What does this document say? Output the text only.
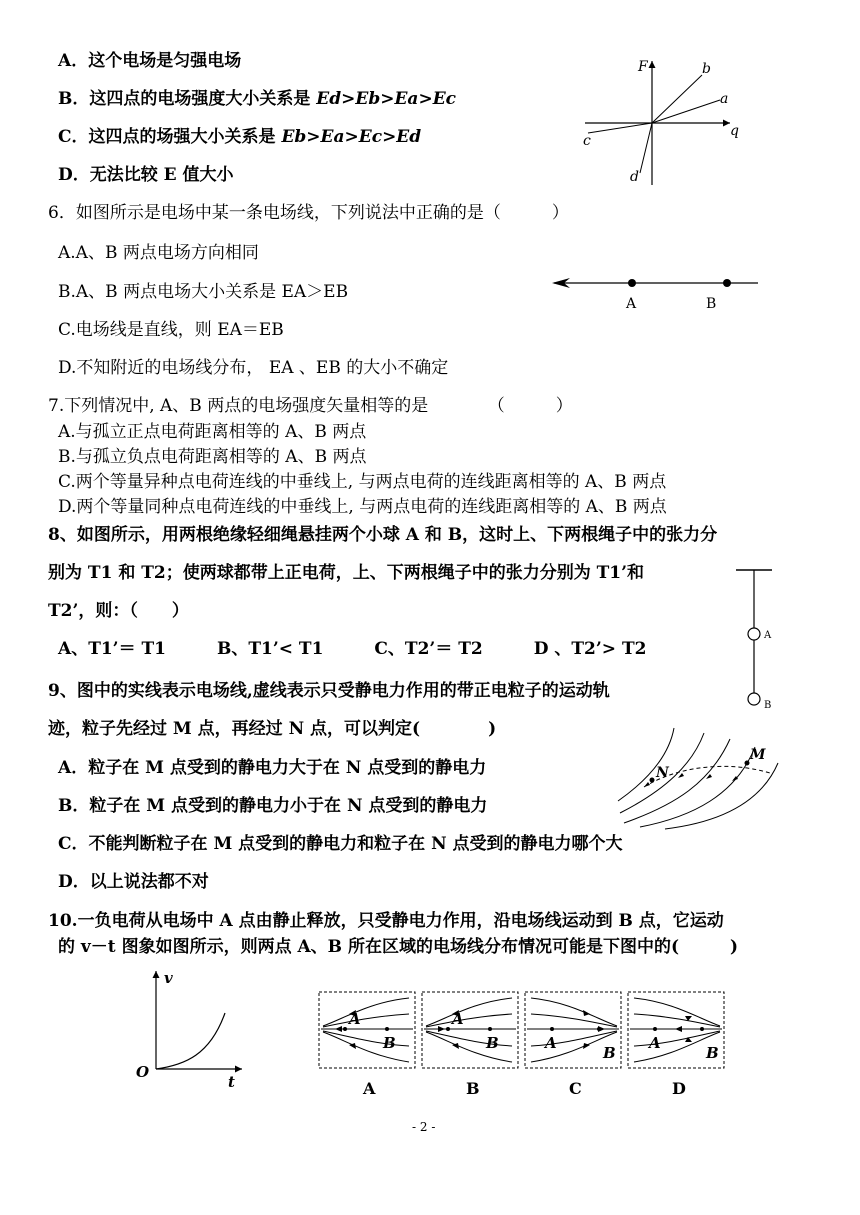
A．这个电场是匀强电场
B．这四点的电场强度大小关系是 Ed>Eb>Ea>Ec
C．这四点的场强大小关系是 Eb>Ea>Ec>Ed
D．无法比较 E 值大小
F	b
a
q
c
d
6．如图所示是电场中某一条电场线，下列说法中正确的是（　　　）
A.A、B 两点电场方向相同
B.A、B 两点电场大小关系是 EA＞EB
C.电场线是直线，则 EA＝EB
D.不知附近的电场线分布， EA 、EB 的大小不确定
A	B
7.下列情况中, A、B 两点的电场强度矢量相等的是　　　　（　　　）
A.与孤立正点电荷距离相等的 A、B 两点
B.与孤立负点电荷距离相等的 A、B 两点
C.两个等量异种点电荷连线的中垂线上, 与两点电荷的连线距离相等的 A、B 两点
D.两个等量同种点电荷连线的中垂线上, 与两点电荷的连线距离相等的 A、B 两点
8、如图所示，用两根绝缘轻细绳悬挂两个小球 A 和 B，这时上、下两根绳子中的张力分
别为 T1 和 T2；使两球都带上正电荷，上、下两根绳子中的张力分别为 T1’和
T2’，则：（　　）
A、T1’＝ T1　　　B、T1’< T1　　　C、T2’＝ T2　　　D 、T2’> T2
A
B
9、图中的实线表示电场线,虚线表示只受静电力作用的带正电粒子的运动轨
迹，粒子先经过 M 点，再经过 N 点，可以判定(　　　　)
A．粒子在 M 点受到的静电力大于在 N 点受到的静电力
B．粒子在 M 点受到的静电力小于在 N 点受到的静电力
C．不能判断粒子在 M 点受到的静电力和粒子在 N 点受到的静电力哪个大
D．以上说法都不对
N
M
10.一负电荷从电场中 A 点由静止释放，只受静电力作用，沿电场线运动到 B 点，它运动
的 v－t 图象如图所示，则两点 A、B 所在区域的电场线分布情况可能是下图中的(　　　)
v
t
O
A
B
A
A
B
B
A
B
C
A
B
D
- 2 -
